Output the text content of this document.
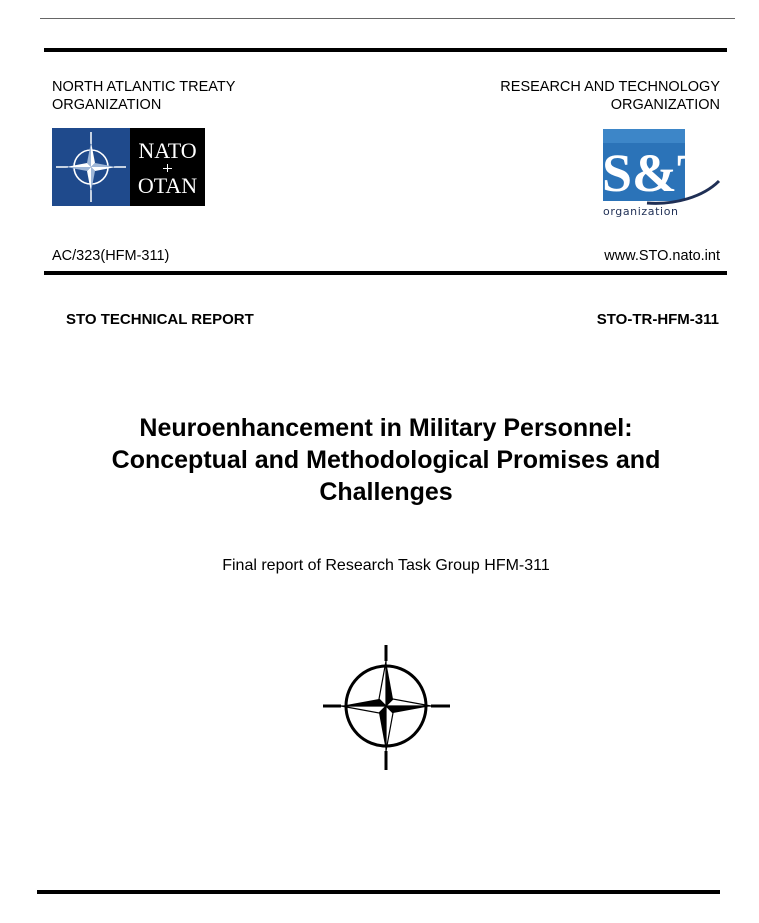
NORTH ATLANTIC TREATY
ORGANIZATION
RESEARCH AND TECHNOLOGY
ORGANIZATION
NATO
OTAN	S&T
organization
AC/323(HFM-311)	www.STO.nato.int
STO TECHNICAL REPORT	STO-TR-HFM-311
Neuroenhancement in Military Personnel:
Conceptual and Methodological Promises and
Challenges
Final report of Research Task Group HFM-311
